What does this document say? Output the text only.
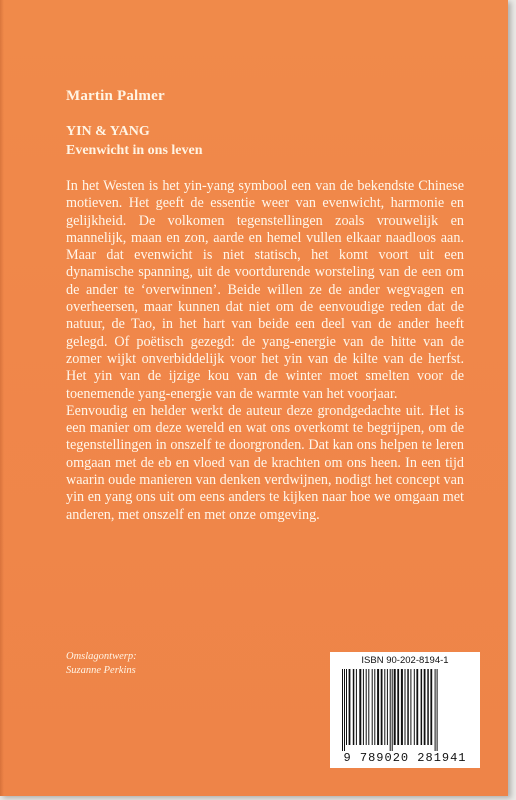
Martin Palmer
YIN & YANG
Evenwicht in ons leven

In het Westen is het yin-yang symbool een van de bekendste Chinese motieven. Het geeft de essentie weer van evenwicht, harmonie en gelijkheid. De volkomen tegenstellingen zoals vrouwelijk en mannelijk, maan en zon, aarde en hemel vullen elkaar naadloos aan. Maar dat evenwicht is niet statisch, het komt voort uit een dynamische spanning, uit de voortdurende worsteling van de een om de ander te ‘overwinnen’. Beide willen ze de ander wegvagen en overheersen, maar kunnen dat niet om de eenvoudige reden dat de natuur, de Tao, in het hart van beide een deel van de ander heeft gelegd. Of poëtisch gezegd: de yang-energie van de hitte van de zomer wijkt onverbiddelijk voor het yin van de kilte van de herfst. Het yin van de ijzige kou van de winter moet smelten voor de toenemende yang-energie van de warmte van het voorjaar.

Eenvoudig en helder werkt de auteur deze grondgedachte uit. Het is een manier om deze wereld en wat ons overkomt te begrijpen, om de tegenstellingen in onszelf te doorgronden. Dat kan ons helpen te leren omgaan met de eb en vloed van de krachten om ons heen. In een tijd waarin oude manieren van denken verdwijnen, nodigt het concept van yin en yang ons uit om eens anders te kijken naar hoe we omgaan met anderen, met onszelf en met onze omgeving.

Omslagontwerp:
Suzanne Perkins
ISBN 90-202-8194-1
9 789020 281941
